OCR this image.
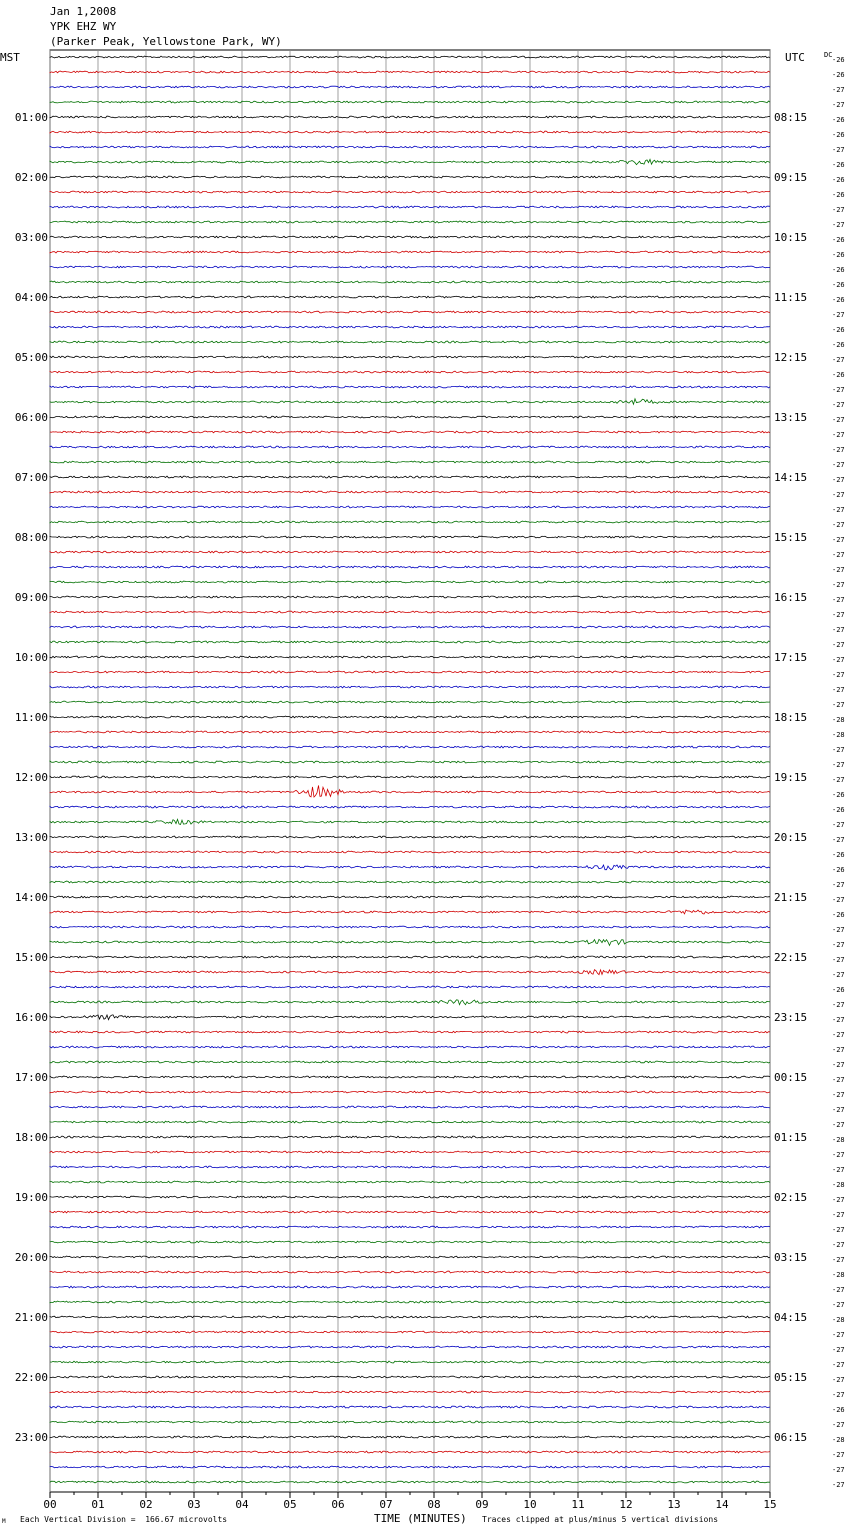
Jan 1,2008
YPK EHZ WY
(Parker Peak, Yellowstone Park, WY)
MST	UTC	DC
00	01	02	03	04	05	06	07	08	09	10	11	12	13	14	15
-26
-26
-27
-27
-26
-26
-27
-26
-26
-26
-27
-27
-26
-26
-26
-26
-26
-27
-26
-26
-27
-26
-27
-27
-27
-27
-27
-27
-27
-27
-27
-27
-27
-27
-27
-27
-27
-27
-27
-27
-27
-27
-27
-27
-28
-28
-27
-27
-27
-26
-26
-27
-27
-26
-26
-27
-27
-26
-27
-27
-27
-27
-26
-27
-27
-27
-27
-27
-27
-27
-27
-27
-28
-27
-27
-28
-27
-27
-27
-27
-27
-28
-27
-27
-28
-27
-27
-27
-27
-27
-26
-27
-28
-27
-27
-27
01:00	08:15
02:00	09:15
03:00	10:15
04:00	11:15
05:00	12:15
06:00	13:15
07:00	14:15
08:00	15:15
09:00	16:15
10:00	17:15
11:00	18:15
12:00	19:15
13:00	20:15
14:00	21:15
15:00	22:15
16:00	23:15
17:00	00:15
18:00	01:15
19:00	02:15
20:00	03:15
21:00	04:15
22:00	05:15
23:00	06:15
M Each Vertical Division =  166.67 microvolts	TIME (MINUTES) Traces clipped at plus/minus 5 vertical divisions
